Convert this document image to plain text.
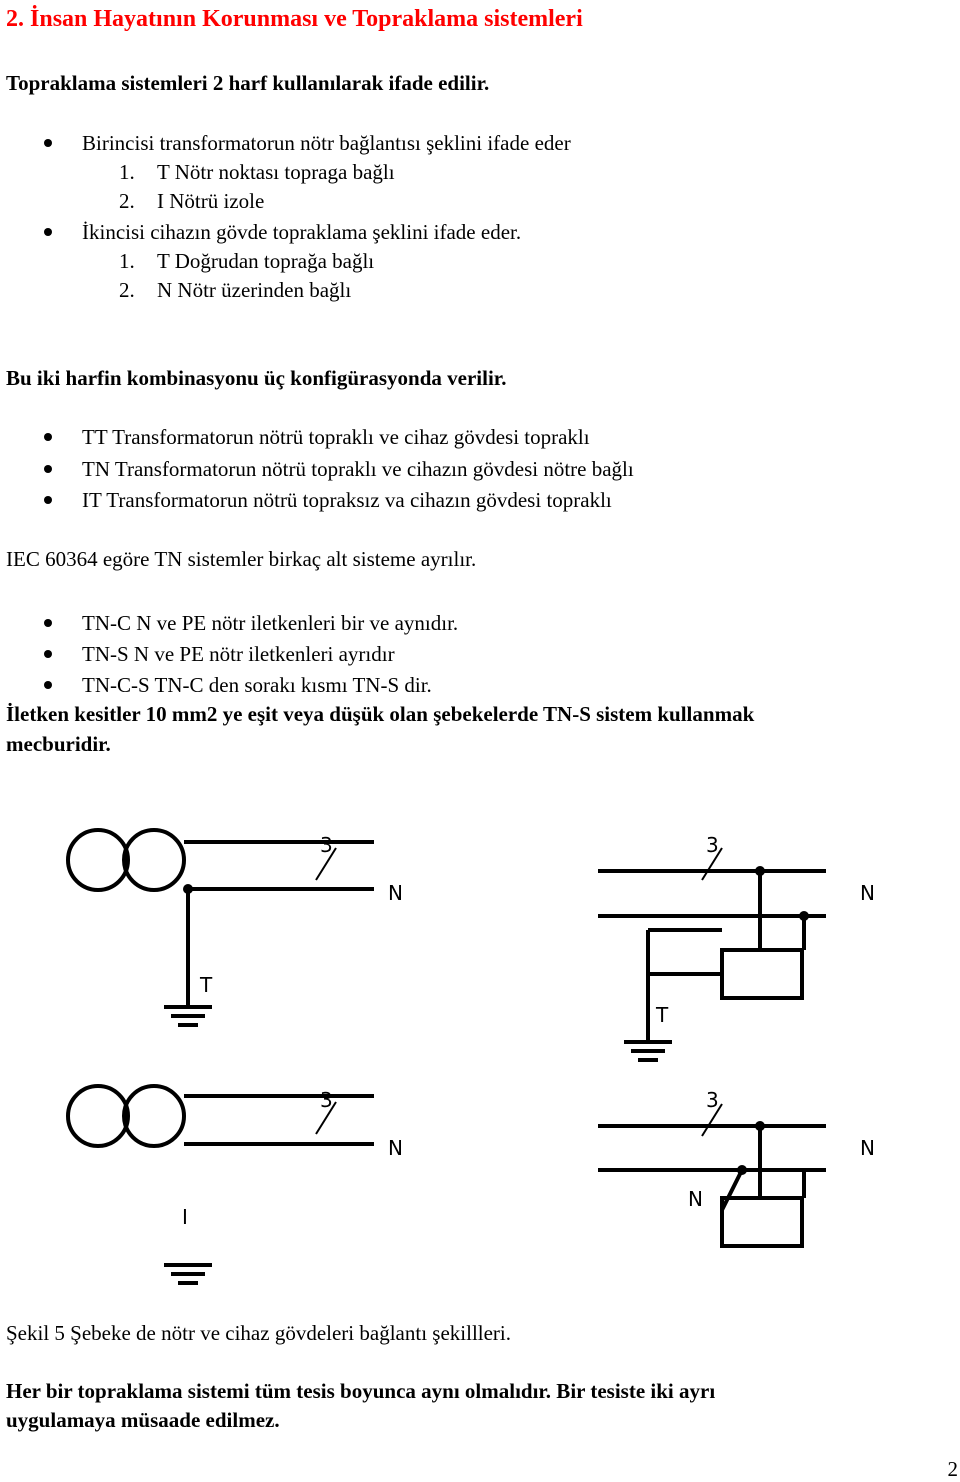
2. İnsan Hayatının Korunması ve Topraklama sistemleri
Topraklama sistemleri 2 harf kullanılarak ifade edilir.
Birincisi transformatorun nötr bağlantısı şeklini ifade eder
1. T Nötr noktası topraga bağlı
2. I Nötrü izole
İkincisi cihazın gövde topraklama şeklini ifade eder.
1. T Doğrudan toprağa bağlı
2. N Nötr üzerinden bağlı
Bu iki harfin kombinasyonu üç konfigürasyonda verilir.
TT Transformatorun nötrü topraklı ve cihaz gövdesi topraklı
TN Transformatorun nötrü topraklı ve cihazın gövdesi nötre bağlı
IT Transformatorun nötrü topraksız va cihazın gövdesi topraklı
IEC 60364 egöre TN sistemler birkaç alt sisteme ayrılır.
TN-C N ve PE nötr iletkenleri bir ve aynıdır.
TN-S N ve PE nötr iletkenleri ayrıdır
TN-C-S TN-C den sorakı kısmı TN-S dir.
İletken kesitler 10 mm2 ye eşit veya düşük olan şebekelerde TN-S sistem kullanmak
mecburidir.
3
N
T
3
N
T
3
N
I
3
N
N
Şekil 5 Şebeke de nötr ve cihaz gövdeleri bağlantı şekillleri.
Her bir topraklama sistemi tüm tesis boyunca aynı olmalıdır. Bir tesiste iki ayrı
uygulamaya müsaade edilmez.
2
